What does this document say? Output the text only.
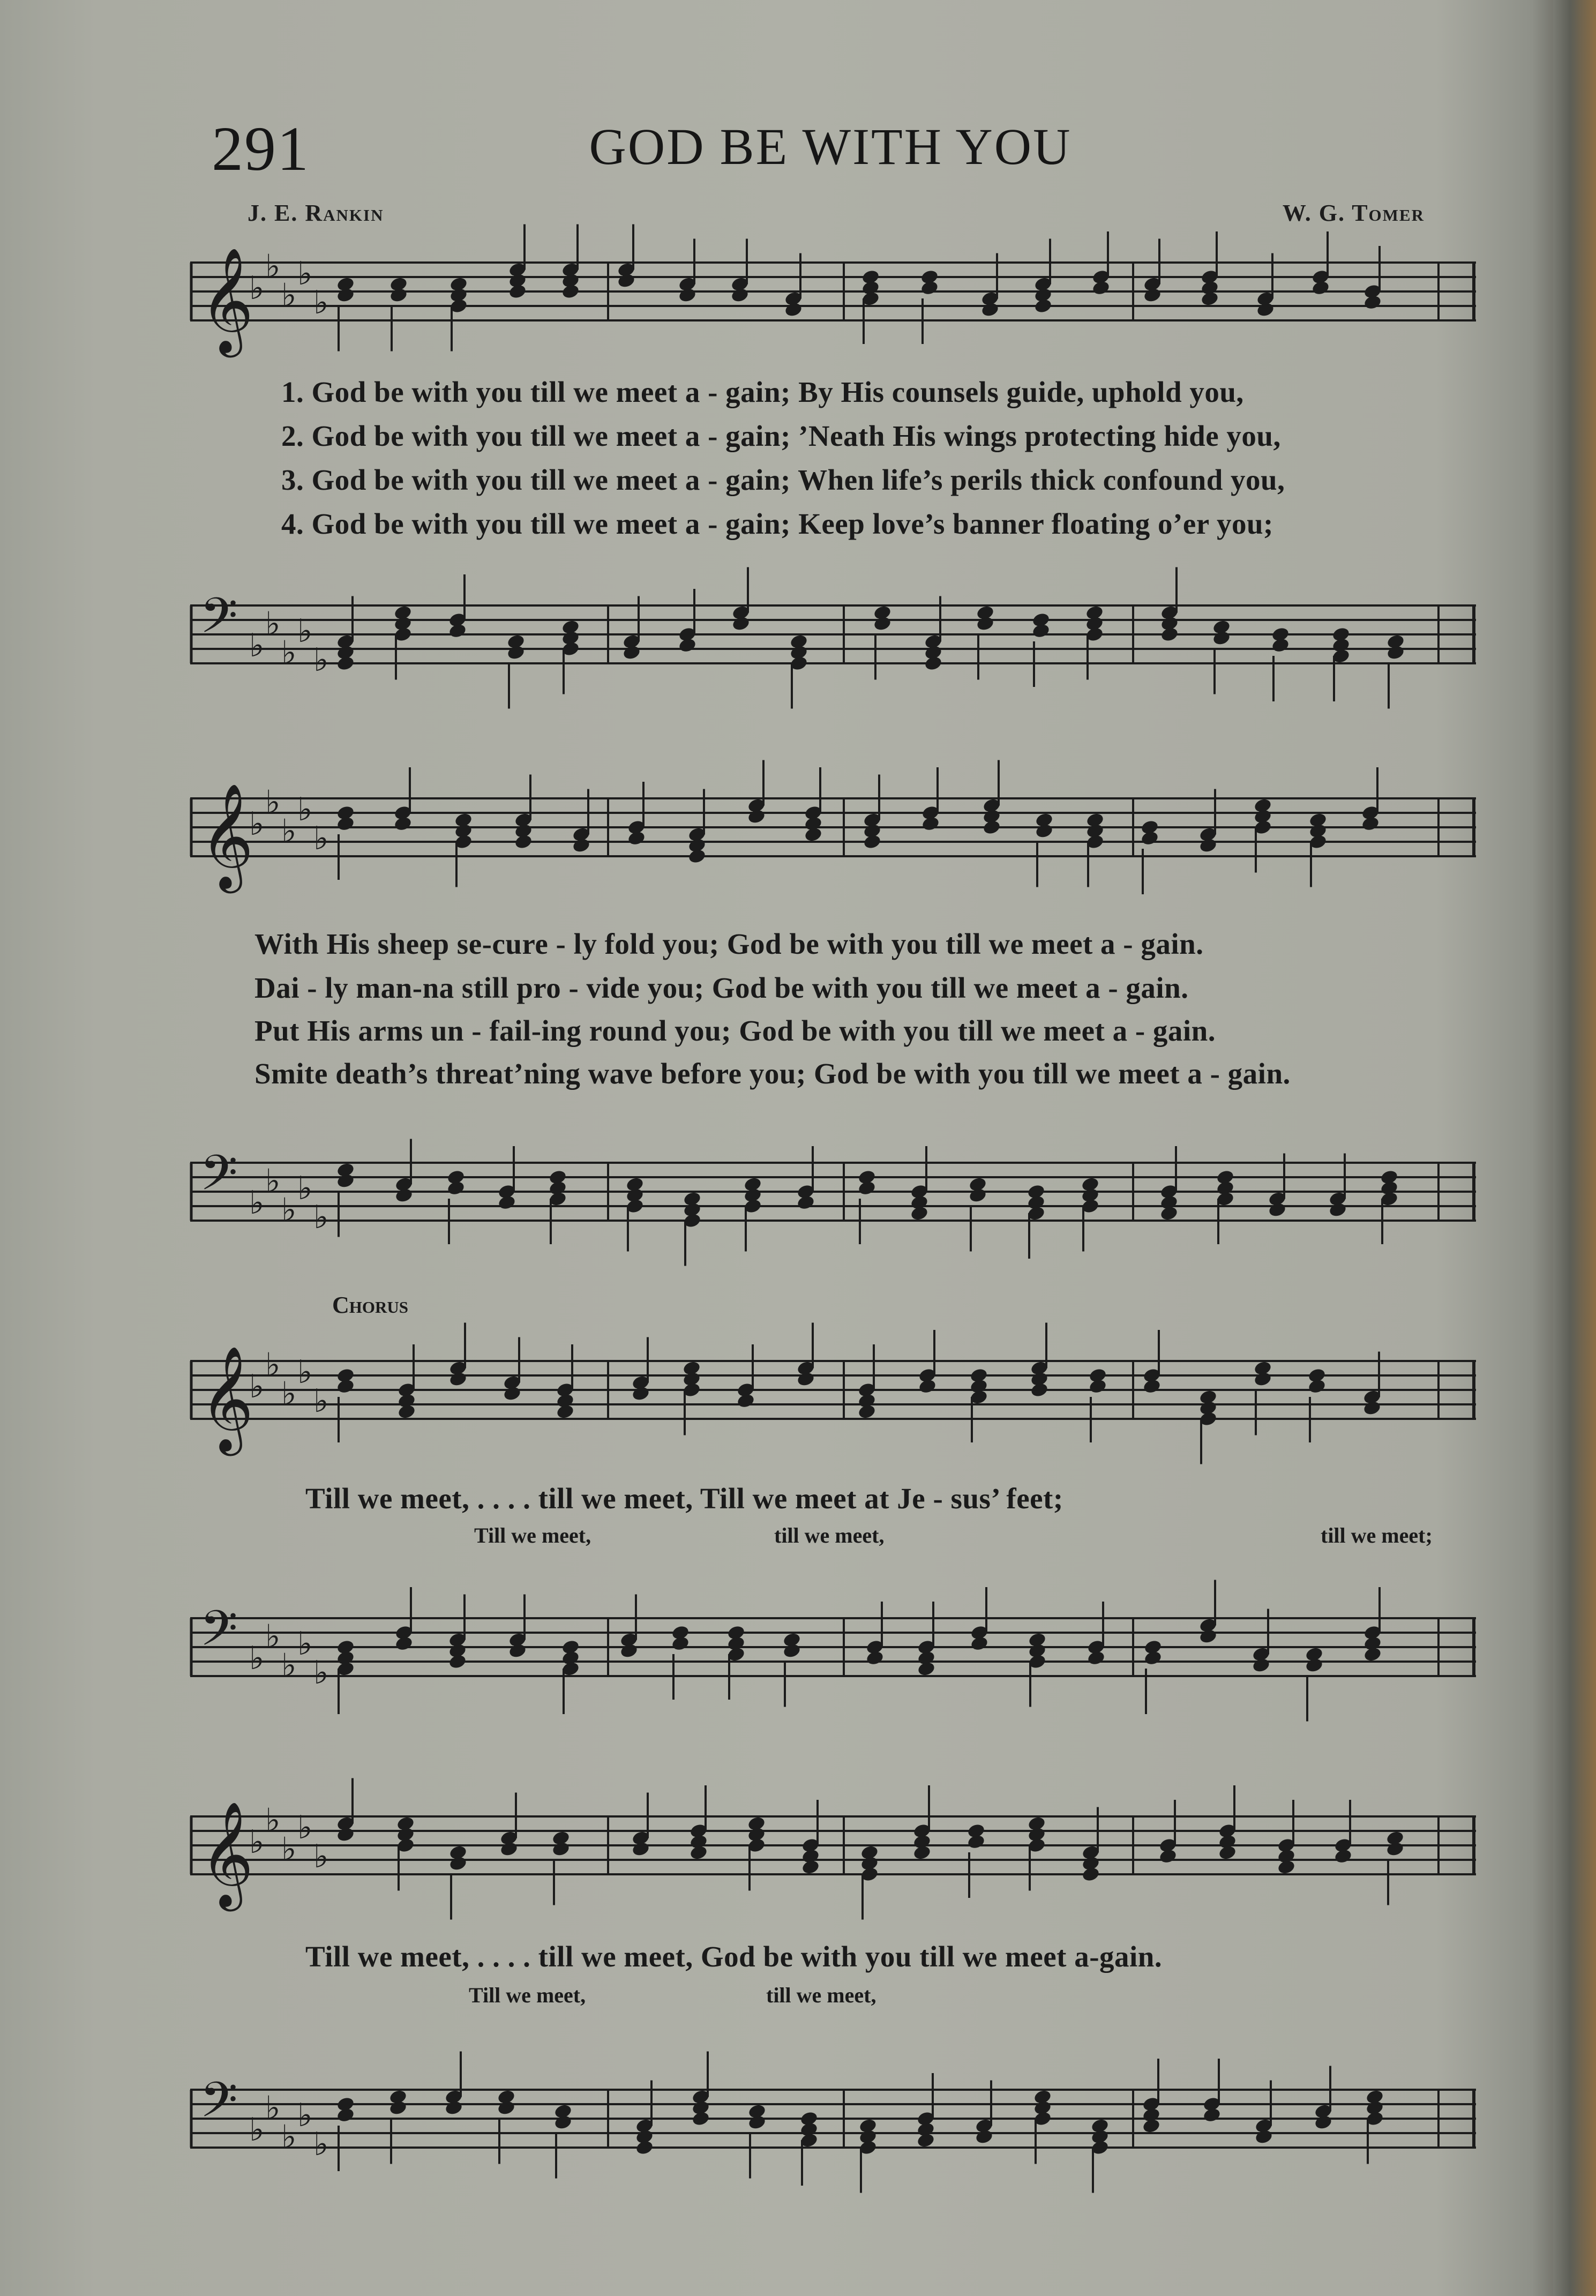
291	GOD BE WITH YOU
J. E. Rankin	W. G. Tomer
𝄞
♭
♭
♭
♭
♭
1. God be with you till we meet a - gain; By His counsels guide, uphold you,
2. God be with you till we meet a - gain; ’Neath His wings protecting hide you,
3. God be with you till we meet a - gain; When life’s perils thick confound you,
4. God be with you till we meet a - gain; Keep love’s banner floating o’er you;
𝄢 ♭
♭
♭
♭
♭
𝄞
♭
♭
♭
♭
♭
With His sheep se-cure - ly fold you; God be with you till we meet a - gain.
Dai - ly man-na still pro - vide you; God be with you till we meet a - gain.
Put His arms un - fail-ing round you; God be with you till we meet a - gain.
Smite death’s threat’ning wave before you; God be with you till we meet a - gain.
𝄢 ♭
♭
♭
♭
♭
Chorus
𝄞
♭
♭
♭
♭
♭
Till we meet, . . . . till we meet, Till we meet at Je - sus’ feet;
Till we meet,	till we meet,	till we meet;
𝄢 ♭
♭
♭
♭
♭
𝄞
♭
♭
♭
♭
♭
Till we meet, . . . . till we meet, God be with you till we meet a-gain.
Till we meet,	till we meet,
𝄢 ♭
♭
♭
♭
♭
